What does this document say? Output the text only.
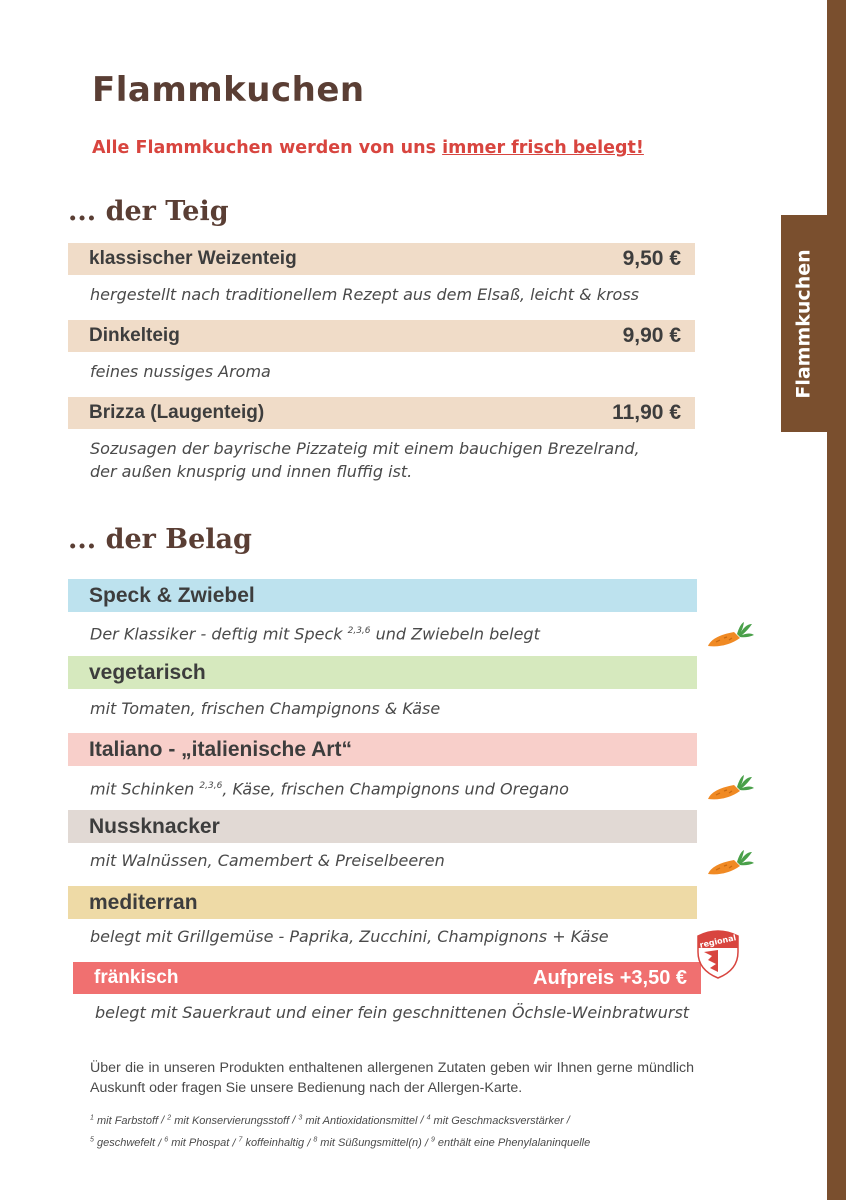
Flammkuchen
Flammkuchen

Alle Flammkuchen werden von uns immer frisch belegt!

... der Teig
klassischer Weizenteig	9,50 €

hergestellt nach traditionellem Rezept aus dem Elsaß, leicht & kross

Dinkelteig	9,90 €

feines nussiges Aroma

Brizza (Laugenteig)	11,90 €

Sozusagen der bayrische Pizzateig mit einem bauchigen Brezelrand,
der außen knusprig und innen fluffig ist.

... der Belag
Speck & Zwiebel

Der Klassiker - deftig mit Speck $^{2,3,6}$ und Zwiebeln belegt

vegetarisch

mit Tomaten, frischen Champignons & Käse

Italiano - „italienische Art“

mit Schinken $^{2,3,6}$, Käse, frischen Champignons und Oregano

Nussknacker

mit Walnüssen, Camembert & Preiselbeeren

mediterran

belegt mit Grillgemüse - Paprika, Zucchini, Champignons + Käse

fränkisch	Aufpreis +3,50 €

belegt mit Sauerkraut und einer fein geschnittenen Öchsle-Weinbratwurst

regional

Über die in unseren Produkten enthaltenen allergenen Zutaten geben wir Ihnen gerne mündlich Auskunft oder fragen Sie unsere Bedienung nach der Allergen-Karte.

$^1$ mit Farbstoff / $^2$ mit Konservierungsstoff / $^3$ mit Antioxidationsmittel / $^4$ mit Geschmacksverstärker /
$^5$ geschwefelt / $^6$ mit Phospat / $^7$ koffeinhaltig / $^8$ mit Süßungsmittel(n) / $^9$ enthält eine Phenylalaninquelle
